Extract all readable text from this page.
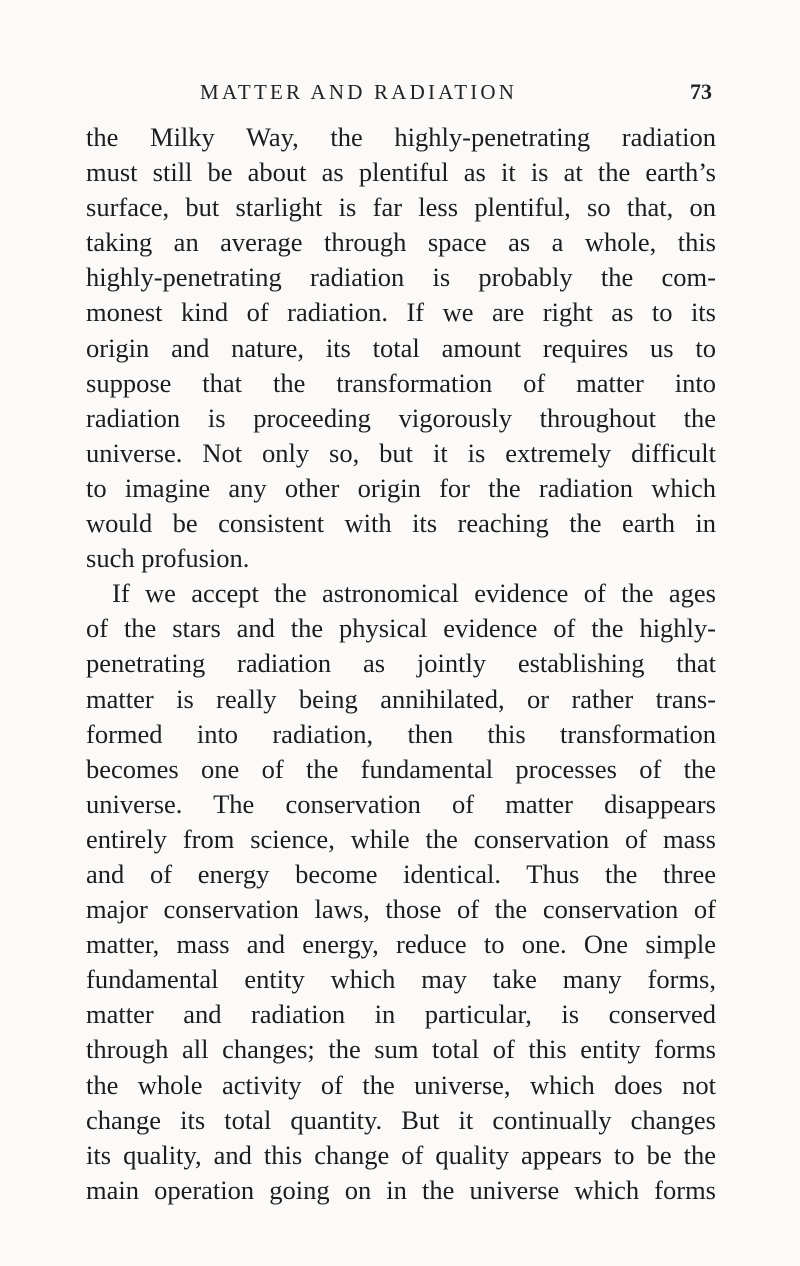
MATTER AND RADIATION	73
the Milky Way, the highly-penetrating radiation
must still be about as plentiful as it is at the earth’s
surface, but starlight is far less plentiful, so that, on
taking an average through space as a whole, this
highly-penetrating radiation is probably the com-
monest kind of radiation. If we are right as to its
origin and nature, its total amount requires us to
suppose that the transformation of matter into
radiation is proceeding vigorously throughout the
universe. Not only so, but it is extremely difficult
to imagine any other origin for the radiation which
would be consistent with its reaching the earth in
such profusion.
If we accept the astronomical evidence of the ages
of the stars and the physical evidence of the highly-
penetrating radiation as jointly establishing that
matter is really being annihilated, or rather trans-
formed into radiation, then this transformation
becomes one of the fundamental processes of the
universe. The conservation of matter disappears
entirely from science, while the conservation of mass
and of energy become identical. Thus the three
major conservation laws, those of the conservation of
matter, mass and energy, reduce to one. One simple
fundamental entity which may take many forms,
matter and radiation in particular, is conserved
through all changes; the sum total of this entity forms
the whole activity of the universe, which does not
change its total quantity. But it continually changes
its quality, and this change of quality appears to be the
main operation going on in the universe which forms
